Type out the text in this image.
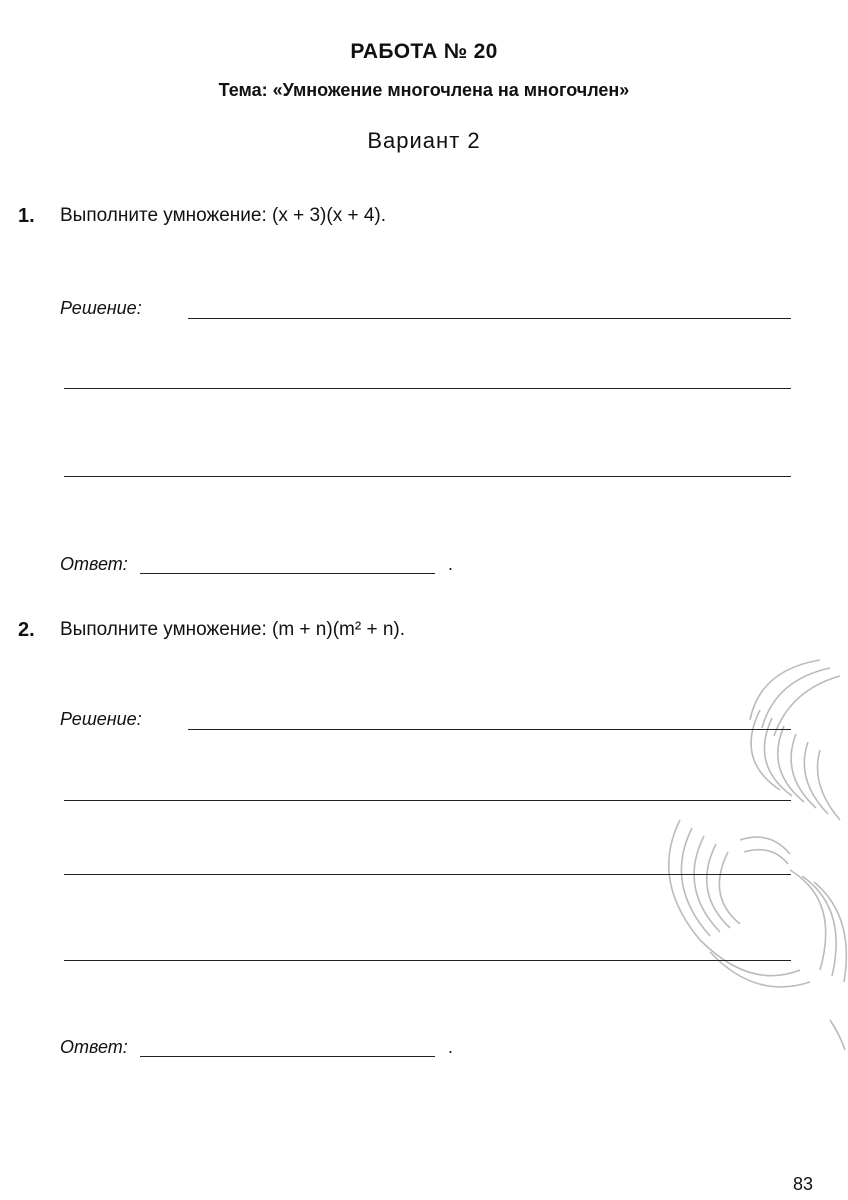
РАБОТА № 20
Тема: «Умножение многочлена на многочлен»
Вариант 2
1. Выполните умножение: (x + 3)(x + 4).
Решение:
Ответ:	.
2. Выполните умножение: (m + n)(m² + n).
Решение:
Ответ:	.
83
